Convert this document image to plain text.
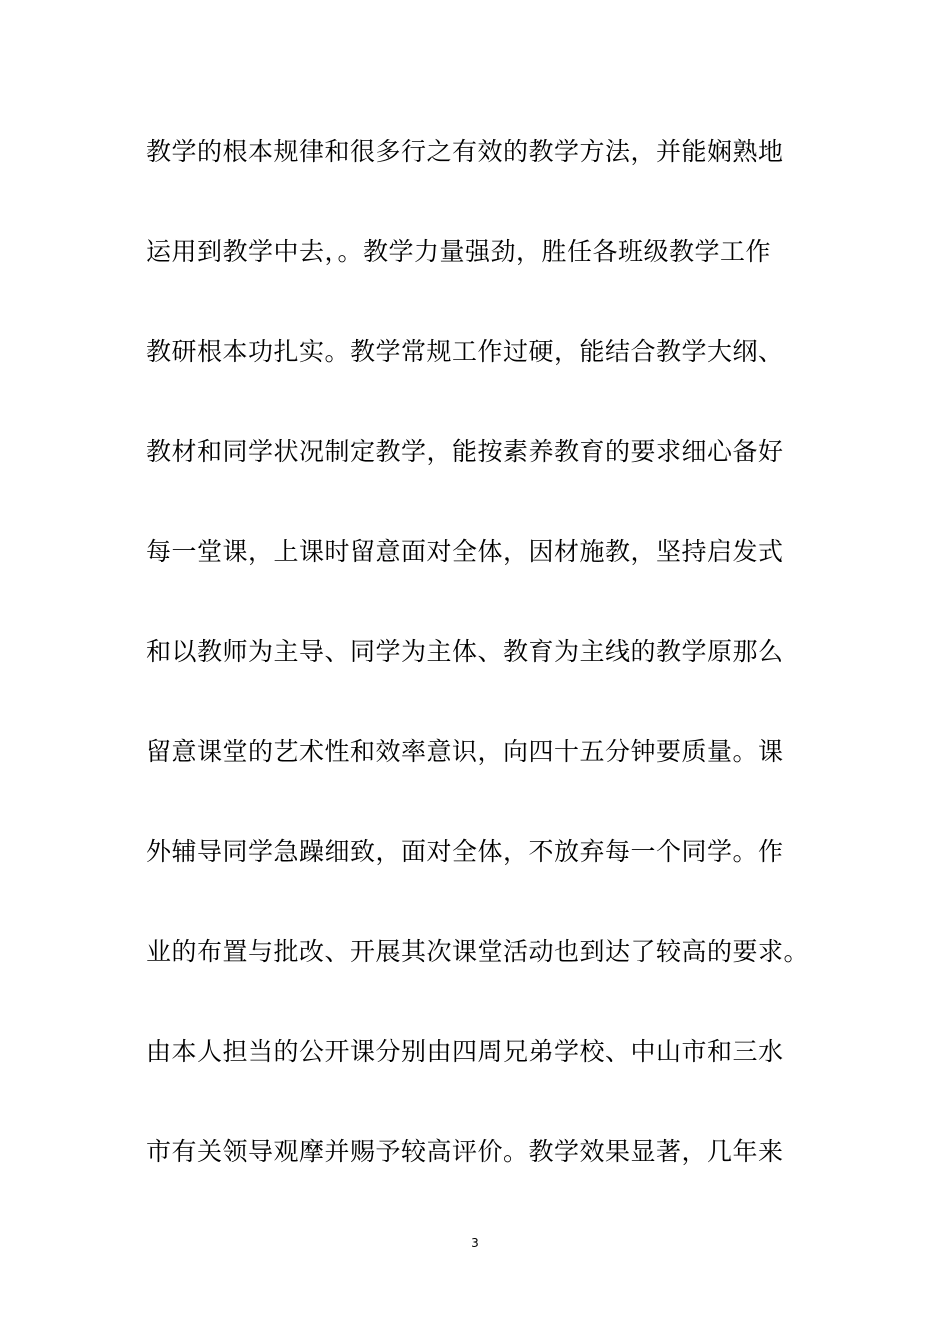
教学的根本规律和很多行之有效的教学方法，并能娴熟地
运用到教学中去，。教学力量强劲，胜任各班级教学工作
教研根本功扎实。教学常规工作过硬，能结合教学大纲、
教材和同学状况制定教学，能按素养教育的要求细心备好
每一堂课，上课时留意面对全体，因材施教，坚持启发式
和以教师为主导、同学为主体、教育为主线的教学原那么
留意课堂的艺术性和效率意识，向四十五分钟要质量。课
外辅导同学急躁细致，面对全体，不放弃每一个同学。作
业的布置与批改、开展其次课堂活动也到达了较高的要求。
由本人担当的公开课分别由四周兄弟学校、中山市和三水
市有关领导观摩并赐予较高评价。教学效果显著，几年来
3
